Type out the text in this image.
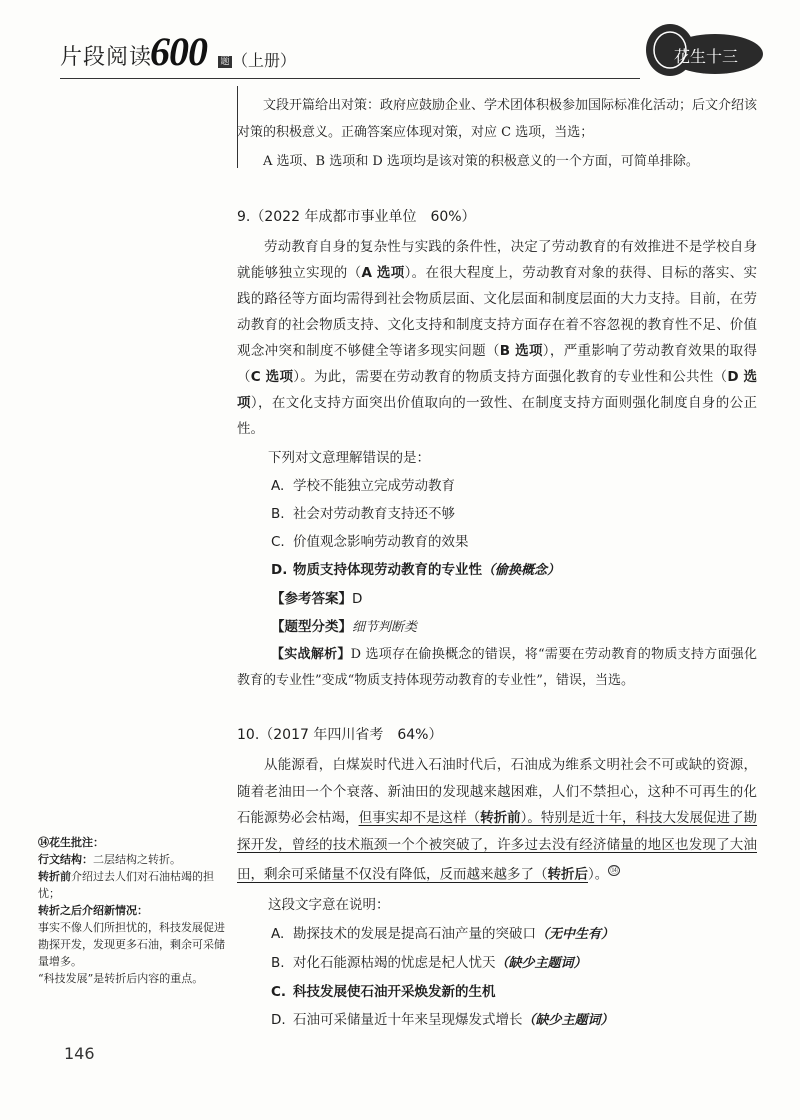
片段阅读
600 题 （上册）	花生十三

文段开篇给出对策：政府应鼓励企业、学术团体积极参加国际标准化活动；后文介绍该对策的积极意义。正确答案应体现对策，对应 C 选项，当选；

A 选项、B 选项和 D 选项均是该对策的积极意义的一个方面，可简单排除。

9.（2022 年成都市事业单位　60%）

劳动教育自身的复杂性与实践的条件性，决定了劳动教育的有效推进不是学校自身就能够独立实现的（A 选项）。在很大程度上，劳动教育对象的获得、目标的落实、实践的路径等方面均需得到社会物质层面、文化层面和制度层面的大力支持。目前，在劳动教育的社会物质支持、文化支持和制度支持方面存在着不容忽视的教育性不足、价值观念冲突和制度不够健全等诸多现实问题（B 选项），严重影响了劳动教育效果的取得（C 选项）。为此，需要在劳动教育的物质支持方面强化教育的专业性和公共性（D 选项），在文化支持方面突出价值取向的一致性、在制度支持方面则强化制度自身的公正性。

下列对文意理解错误的是：

A. 学校不能独立完成劳动教育

B. 社会对劳动教育支持还不够

C. 价值观念影响劳动教育的效果

D. 物质支持体现劳动教育的专业性（偷换概念）

【参考答案】D

【题型分类】细节判断类

【实战解析】D 选项存在偷换概念的错误，将“需要在劳动教育的物质支持方面强化教育的专业性”变成“物质支持体现劳动教育的专业性”，错误，当选。

10.（2017 年四川省考　64%）

从能源看，白煤炭时代进入石油时代后，石油成为维系文明社会不可或缺的资源，随着老油田一个个衰落、新油田的发现越来越困难，人们不禁担心，这种不可再生的化石能源势必会枯竭，但事实却不是这样（转折前）。特别是近十年，科技大发展促进了勘探开发，曾经的技术瓶颈一个个被突破了，许多过去没有经济储量的地区也发现了大油田，剩余可采储量不仅没有降低，反而越来越多了（转折后）。 ⑭

这段文字意在说明：

A. 勘探技术的发展是提高石油产量的突破口（无中生有）

B. 对化石能源枯竭的忧虑是杞人忧天（缺少主题词）

C. 科技发展使石油开采焕发新的生机

D. 石油可采储量近十年来呈现爆发式增长（缺少主题词）

⑭花生批注：

行文结构：二层结构之转折。

转折前介绍过去人们对石油枯竭的担忧；

转折之后介绍新情况：

事实不像人们所担忧的，科技发展促进勘探开发，发现更多石油，剩余可采储量增多。

“科技发展”是转折后内容的重点。

146
